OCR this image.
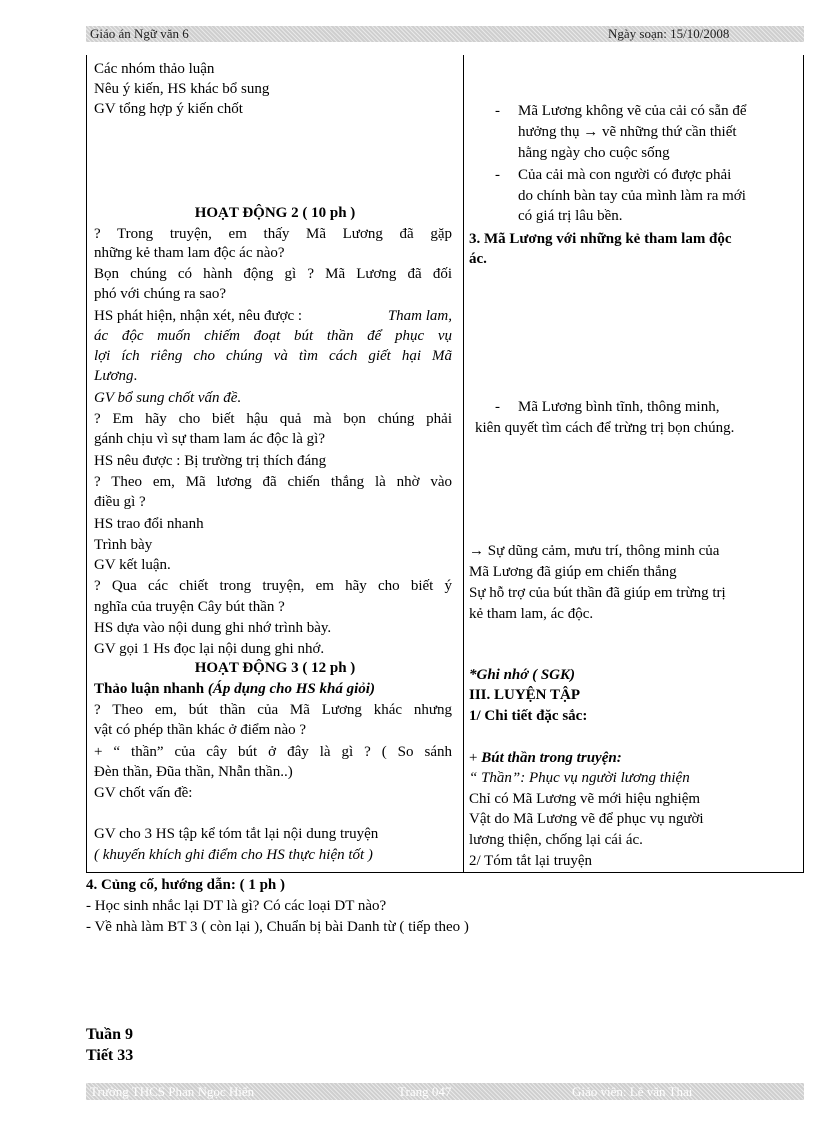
Giáo án Ngữ văn 6	Ngày soạn: 15/10/2008
Các nhóm thảo luận
Nêu ý kiến, HS khác bổ sung
GV tổng hợp ý kiến chốt
HOẠT ĐỘNG 2 ( 10 ph )
? Trong truyện, em thấy Mã Lương đã gặp
những kẻ tham lam độc ác nào?
Bọn chúng có hành động gì ? Mã Lương đã đối
phó với chúng ra sao?
HS phát hiện, nhận xét, nêu được :	Tham lam,
ác độc muốn chiếm đoạt bút thần để phục vụ
lợi ích riêng cho chúng và tìm cách giết hại Mã
Lương.
GV bổ sung chốt vấn đề.
? Em hãy cho biết hậu quả mà bọn chúng phải
gánh chịu vì sự tham lam ác độc là gì?
HS nêu được : Bị trường trị thích đáng
? Theo em, Mã lương đã chiến thắng là nhờ vào
điều gì ?
HS trao đổi nhanh
Trình bày
GV kết luận.
? Qua các chiết trong truyện, em hãy cho biết ý
nghĩa của truyện Cây bút thần ?
HS dựa vào nội dung ghi nhớ trình bày.
GV gọi 1 Hs đọc lại nội dung ghi nhớ.
HOẠT ĐỘNG 3 ( 12 ph )
Thảo luận nhanh (Áp dụng cho HS khá giỏi)
? Theo em, bút thần của Mã Lương khác nhưng
vật có phép thần khác ở điểm nào ?
+ “ thần” của cây bút ở đây là gì ? ( So sánh
Đèn thần, Đũa thần, Nhẫn thần..)
GV chốt vấn đề:
GV cho 3 HS tập kể tóm tắt lại nội dung truyện
( khuyến khích ghi điểm cho HS thực hiện tốt )
- Mã Lương không vẽ của cải có sẵn để
hưởng thụ → vẽ những thứ cần thiết
hằng ngày cho cuộc sống
- Của cải mà con người có được phải
do chính bàn tay của mình làm ra mới
có giá trị lâu bền.
3. Mã Lương với những kẻ tham lam độc
ác.
- Mã Lương bình tĩnh, thông minh,
kiên quyết tìm cách để trừng trị bọn chúng.
→ Sự dũng cảm, mưu trí, thông minh của
Mã Lương đã giúp em chiến thắng
Sự hỗ trợ của bút thần đã giúp em trừng trị
kẻ tham lam, ác độc.
*Ghi nhớ ( SGK)
III. LUYỆN TẬP
1/ Chi tiết đặc sắc:
+ Bút thần trong truyện:
“ Thần”: Phục vụ người lương thiện
Chỉ có Mã Lương vẽ mới hiệu nghiệm
Vật do Mã Lương vẽ để phục vụ người
lương thiện, chống lại cái ác.
2/ Tóm tắt lại truyện
4. Củng cố, hướng dẫn: ( 1 ph )
- Học sinh nhắc lại DT là gì? Có các loại DT nào?
- Về nhà làm BT 3 ( còn lại ), Chuẩn bị bài Danh từ ( tiếp theo )
Tuần 9
Tiết 33
Trường THCS Phan Ngọc Hiển	Trang 047	Giáo viên: Lê văn Thai
